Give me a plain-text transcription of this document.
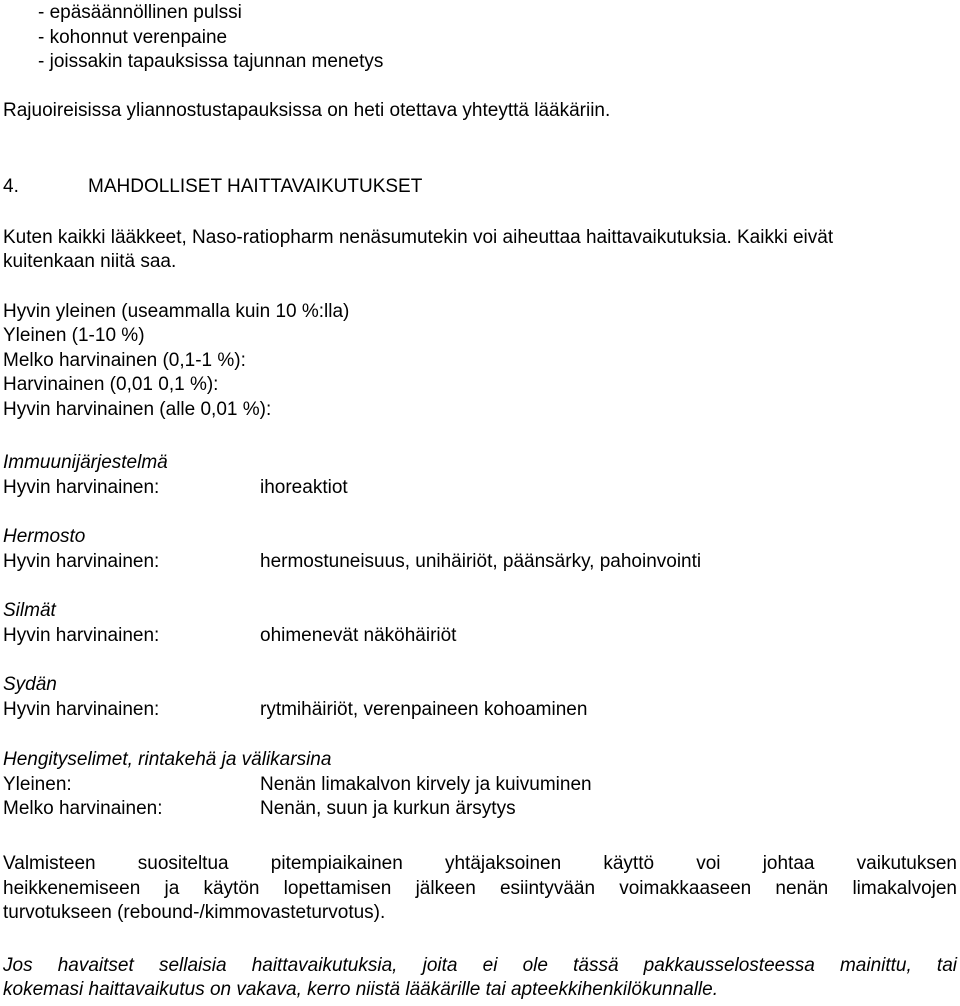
- epäsäännöllinen pulssi
- kohonnut verenpaine
- joissakin tapauksissa tajunnan menetys
Rajuoireisissa yliannostustapauksissa on heti otettava yhteyttä lääkäriin.
4.	MAHDOLLISET HAITTAVAIKUTUKSET
Kuten kaikki lääkkeet, Naso-ratiopharm nenäsumutekin voi aiheuttaa haittavaikutuksia. Kaikki eivät
kuitenkaan niitä saa.
Hyvin yleinen (useammalla kuin 10 %:lla)
Yleinen (1-10 %)
Melko harvinainen (0,1-1 %):
Harvinainen (0,01 0,1 %):
Hyvin harvinainen (alle 0,01 %):
Immuunijärjestelmä
Hyvin harvinainen:	ihoreaktiot
Hermosto
Hyvin harvinainen:	hermostuneisuus, unihäiriöt, päänsärky, pahoinvointi
Silmät
Hyvin harvinainen:	ohimenevät näköhäiriöt
Sydän
Hyvin harvinainen:	rytmihäiriöt, verenpaineen kohoaminen
Hengityselimet, rintakehä ja välikarsina
Yleinen:	Nenän limakalvon kirvely ja kuivuminen
Melko harvinainen:	Nenän, suun ja kurkun ärsytys
Valmisteen suositeltua pitempiaikainen yhtäjaksoinen käyttö voi johtaa vaikutuksen
heikkenemiseen ja käytön lopettamisen jälkeen esiintyvään voimakkaaseen nenän limakalvojen
turvotukseen (rebound-/kimmovasteturvotus).
Jos havaitset sellaisia haittavaikutuksia, joita ei ole tässä pakkausselosteessa mainittu, tai
kokemasi haittavaikutus on vakava, kerro niistä lääkärille tai apteekkihenkilökunnalle.
